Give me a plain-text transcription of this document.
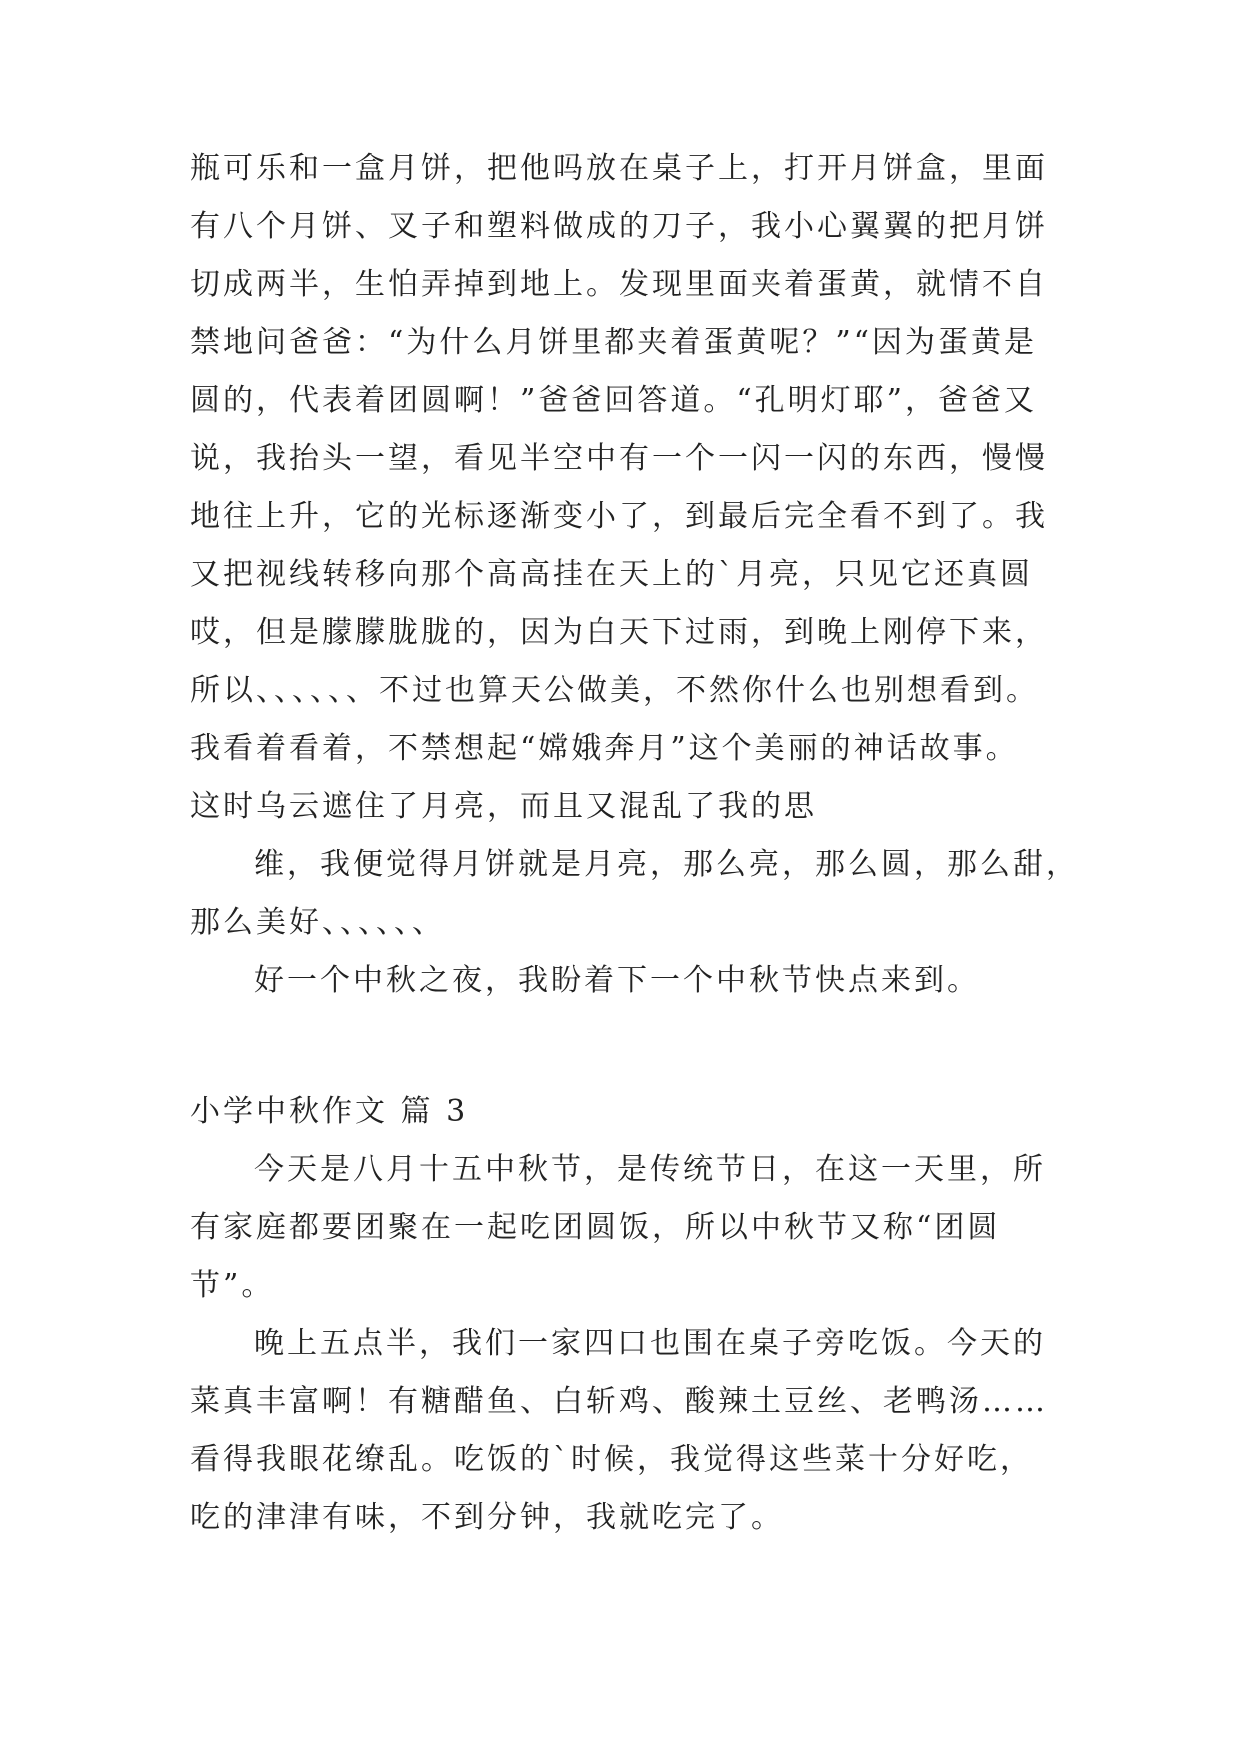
瓶可乐和一盒月饼，把他吗放在桌子上，打开月饼盒，里面
有八个月饼、叉子和塑料做成的刀子，我小心翼翼的把月饼
切成两半，生怕弄掉到地上。发现里面夹着蛋黄，就情不自
禁地问爸爸：“为什么月饼里都夹着蛋黄呢？”“因为蛋黄是
圆的，代表着团圆啊！”爸爸回答道。“孔明灯耶”，爸爸又
说，我抬头一望，看见半空中有一个一闪一闪的东西，慢慢
地往上升，它的光标逐渐变小了，到最后完全看不到了。我
又把视线转移向那个高高挂在天上的`月亮，只见它还真圆
哎，但是朦朦胧胧的，因为白天下过雨，到晚上刚停下来，
所以、、、、、、不过也算天公做美，不然你什么也别想看到。
我看着看着，不禁想起“嫦娥奔月”这个美丽的神话故事。
这时乌云遮住了月亮，而且又混乱了我的思
维，我便觉得月饼就是月亮，那么亮，那么圆，那么甜，
那么美好、、、、、、
好一个中秋之夜，我盼着下一个中秋节快点来到。
小学中秋作文 篇 3
今天是八月十五中秋节，是传统节日，在这一天里，所
有家庭都要团聚在一起吃团圆饭，所以中秋节又称“团圆
节”。
晚上五点半，我们一家四口也围在桌子旁吃饭。今天的
菜真丰富啊！有糖醋鱼、白斩鸡、酸辣土豆丝、老鸭汤……
看得我眼花缭乱。吃饭的`时候，我觉得这些菜十分好吃，
吃的津津有味，不到分钟，我就吃完了。
